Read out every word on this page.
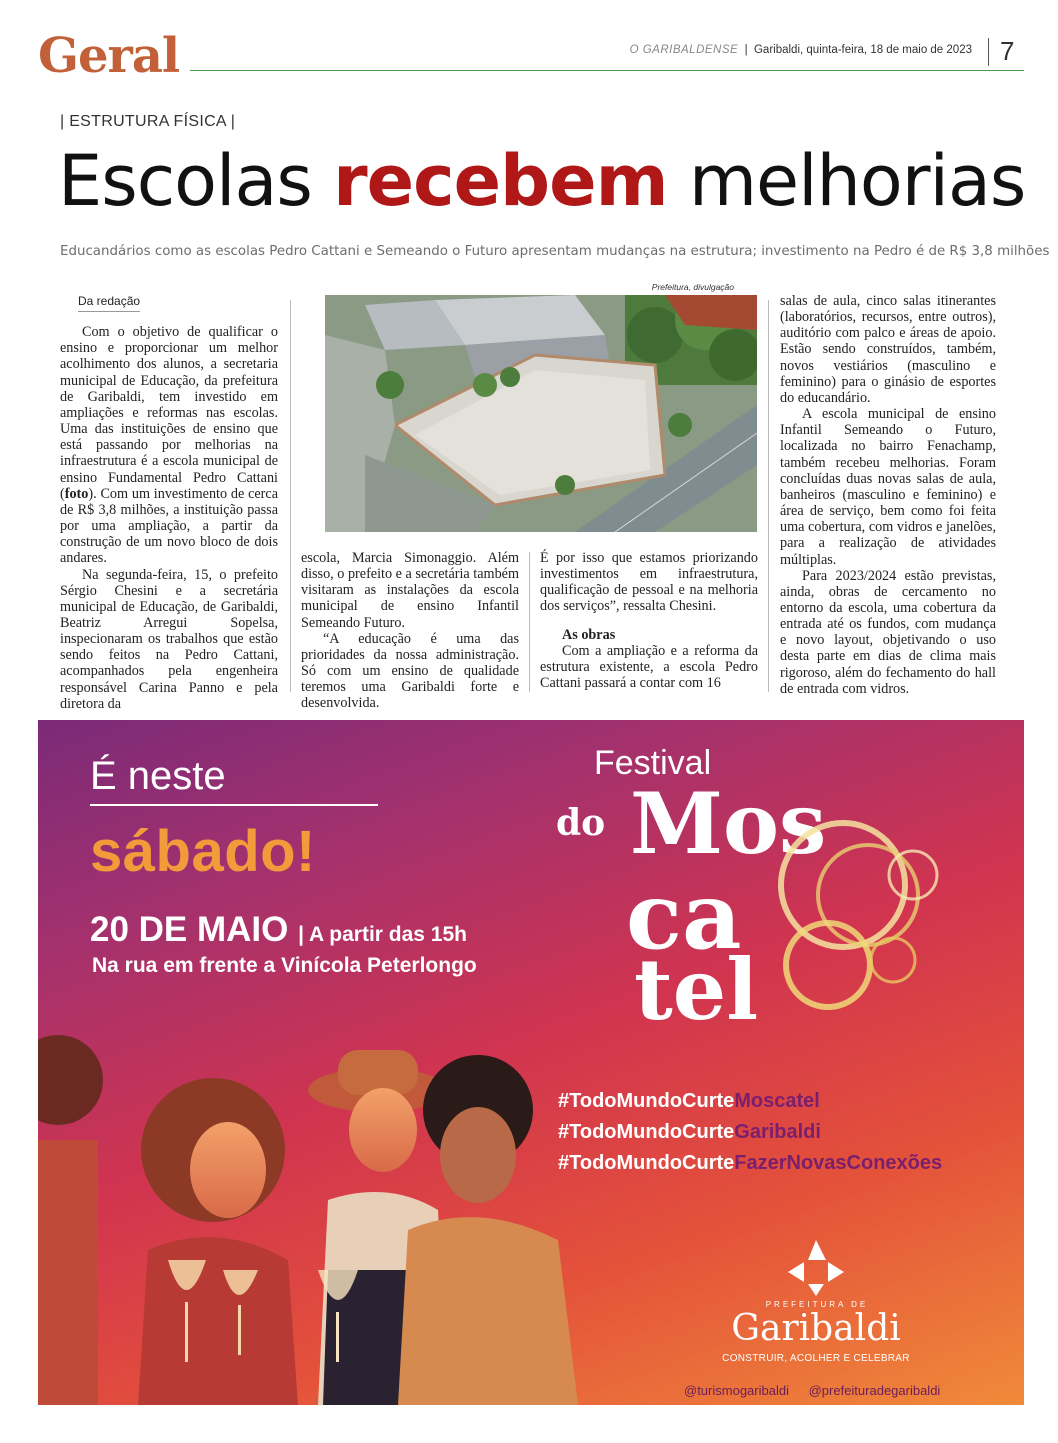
Geral	O GARIBALDENSE  |  Garibaldi, quinta-feira, 18 de maio de 2023 7
| ESTRUTURA FÍSICA |
Escolas recebem melhorias
Educandários como as escolas Pedro Cattani e Semeando o Futuro apresentam mudanças na estrutura; investimento na Pedro é de R$ 3,8 milhões
Da redação

Com o objetivo de qualificar o ensino e proporcionar um melhor acolhimento dos alunos, a secretaria municipal de Educação, da prefeitura de Garibaldi, tem investido em ampliações e reformas nas escolas. Uma das instituições de ensino que está passando por melhorias na infraestrutura é a escola municipal de ensino Fundamental Pedro Cattani (foto). Com um investimento de cerca de R$ 3,8 milhões, a instituição passa por uma ampliação, a partir da construção de um novo bloco de dois andares.

Na segunda-feira, 15, o prefeito Sérgio Chesini e a secretária municipal de Educação, de Garibaldi, Beatriz Arregui Sopelsa, inspecionaram os trabalhos que estão sendo feitos na Pedro Cattani, acompanhados pela engenheira responsável Carina Panno e pela diretora da

Prefeitura, divulgação

escola, Marcia Simonaggio. Além disso, o prefeito e a secretária também visitaram as instalações da escola municipal de ensino Infantil Semeando Futuro.

“A educação é uma das prioridades da nossa administração. Só com um ensino de qualidade teremos uma Garibaldi forte e desenvolvida.

É por isso que estamos priorizando investimentos em infraestrutura, qualificação de pessoal e na melhoria dos serviços”, ressalta Chesini.

As obras

Com a ampliação e a reforma da estrutura existente, a escola Pedro Cattani passará a contar com 16

salas de aula, cinco salas itinerantes (laboratórios, recursos, entre outros), auditório com palco e áreas de apoio. Estão sendo construídos, também, novos vestiários (masculino e feminino) para o ginásio de esportes do educandário.

A escola municipal de ensino Infantil Semeando o Futuro, localizada no bairro Fenachamp, também recebeu melhorias. Foram concluídas duas novas salas de aula, banheiros (masculino e feminino) e área de serviço, bem como foi feita uma cobertura, com vidros e janelões, para a realização de atividades múltiplas.

Para 2023/2024 estão previstas, ainda, obras de cercamento no entorno da escola, uma cobertura da entrada até os fundos, com mudança e novo layout, objetivando o uso desta parte em dias de clima mais rigoroso, além do fechamento do hall de entrada com vidros.

É neste
sábado!
20 DE MAIO | A partir das 15h
Na rua em frente a Vinícola Peterlongo
Festival
do Mos
ca
tel
#TodoMundoCurteMoscatel
#TodoMundoCurteGaribaldi
#TodoMundoCurteFazerNovasConexões
PREFEITURA DE
Garibaldi
CONSTRUIR, ACOLHER E CELEBRAR
@turismogaribaldi @prefeituradegaribaldi
